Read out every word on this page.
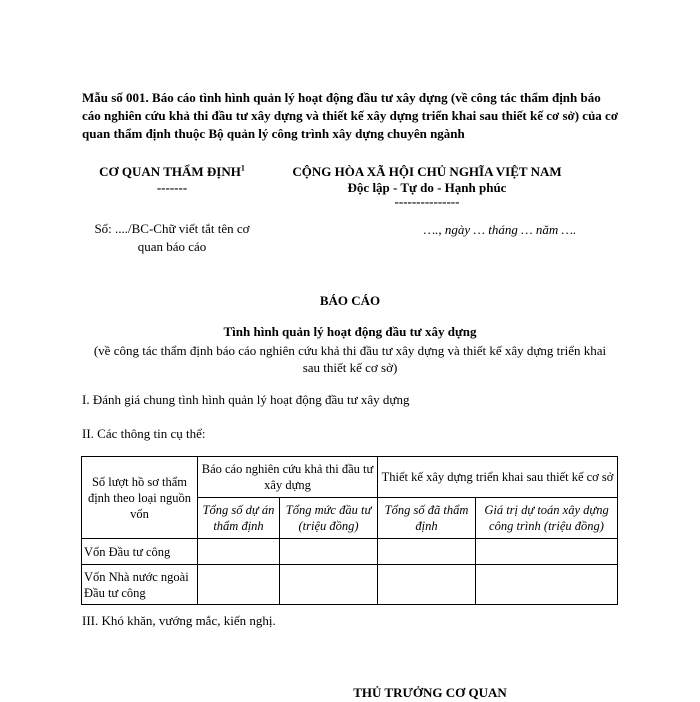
Mẫu số 001. Báo cáo tình hình quản lý hoạt động đầu tư xây dựng (về công tác thẩm định báo cáo nghiên cứu khả thi đầu tư xây dựng và thiết kế xây dựng triển khai sau thiết kế cơ sở) của cơ quan thẩm định thuộc Bộ quản lý công trình xây dựng chuyên ngành
CƠ QUAN THẨM ĐỊNH$^1$
-------
CỘNG HÒA XÃ HỘI CHỦ NGHĨA VIỆT NAM
Độc lập - Tự do - Hạnh phúc
---------------
Số: ..../BC-Chữ viết tắt tên cơ quan báo cáo
…., ngày … tháng … năm ….
BÁO CÁO
Tình hình quản lý hoạt động đầu tư xây dựng
(về công tác thẩm định báo cáo nghiên cứu khả thi đầu tư xây dựng và thiết kế xây dựng triển khai sau thiết kế cơ sở)
I. Đánh giá chung tình hình quản lý hoạt động đầu tư xây dựng
II. Các thông tin cụ thể:
Số lượt hồ sơ thẩm định theo loại nguồn vốn	Báo cáo nghiên cứu khả thi đầu tư xây dựng		Thiết kế xây dựng triển khai sau thiết kế cơ sở	
	Tổng số dự án thẩm định	Tổng mức đầu tư (triệu đồng)	Tổng số đã thẩm định	Giá trị dự toán xây dựng công trình (triệu đồng)
Vốn Đầu tư công				
Vốn Nhà nước ngoài Đầu tư công				
III. Khó khăn, vướng mắc, kiến nghị.
THỦ TRƯỞNG CƠ QUAN
